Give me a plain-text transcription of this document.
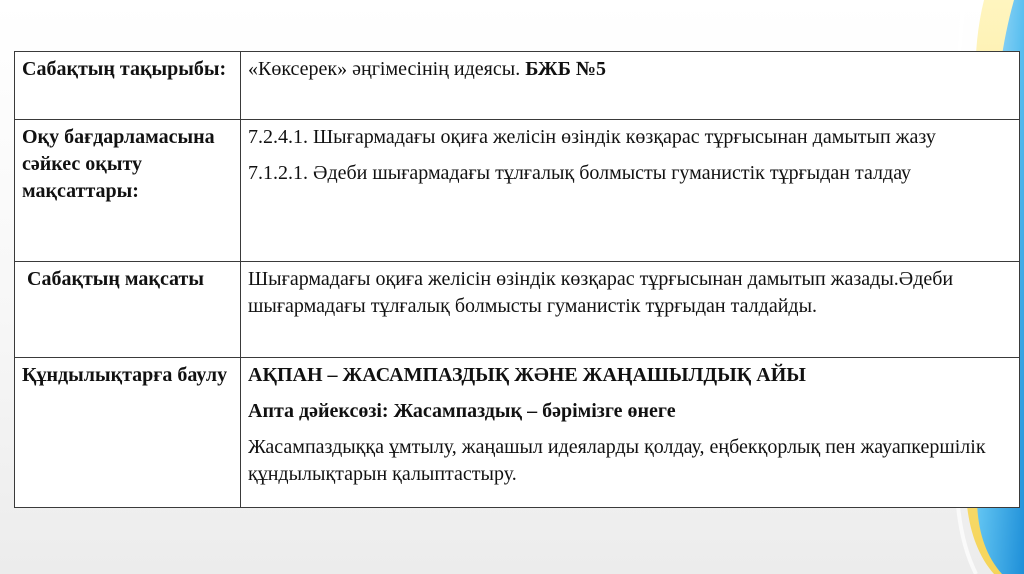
Сабақтың тақырыбы:	«Көксерек» әңгімесінің идеясы. БЖБ №5
Оқу бағдарламасына сәйкес оқыту мақсаттары:	7.2.4.1. Шығармадағы оқиға желісін өзіндік көзқарас тұрғысынан дамытып жазу
7.1.2.1. Әдеби шығармадағы тұлғалық болмысты гуманистік тұрғыдан талдау

Сабақтың мақсаты	Шығармадағы оқиға желісін өзіндік көзқарас тұрғысынан дамытып жазады.Әдеби шығармадағы тұлғалық болмысты гуманистік тұрғыдан талдайды.

Құндылықтарға баулу	АҚПАН – ЖАСАМПАЗДЫҚ ЖӘНЕ ЖАҢАШЫЛДЫҚ АЙЫ
Апта дәйексөзі: Жасампаздық – бәрімізге өнеге
Жасампаздыққа ұмтылу, жаңашыл идеяларды қолдау, еңбекқорлық пен жауапкершілік құндылықтарын қалыптастыру.
